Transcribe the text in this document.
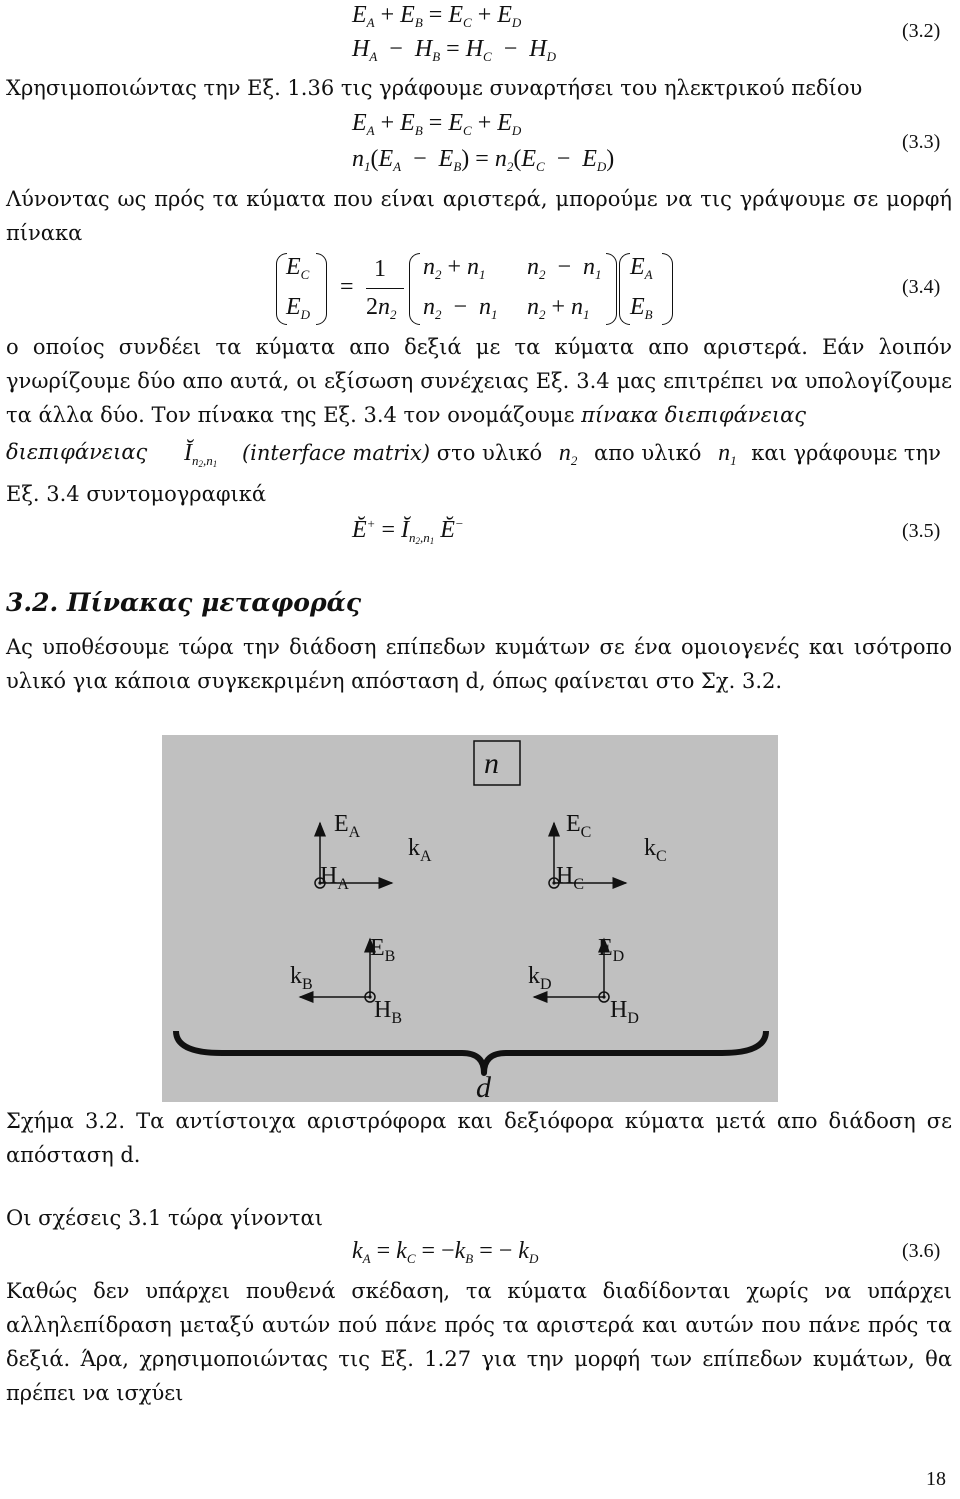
$E_A + E_B = E_C + E_D$
$H_A - H_B = H_C - H_D$
(3.2)
Χρησιμοποιώντας την Εξ. 1.36 τις γράφουμε συναρτήσει του ηλεκτρικού πεδίου
$E_A + E_B = E_C + E_D$
$n_1(E_A - E_B) = n_2(E_C - E_D)$
(3.3)
Λύνοντας ως πρός τα κύματα που είναι αριστερά, μπορούμε να τις γράψουμε σε μορφή πίνακα
$E_C$
$E_D$
=
1
$2n_2$
$n_2 + n_1$ $n_2 - n_1$
$n_2 - n_1$ $n_2 + n_1$
$E_A$
$E_B$
(3.4)
ο οποίος συνδέει τα κύματα απο δεξιά με τα κύματα απο αριστερά. Εάν λοιπόν γνωρίζουμε δύο απο αυτά, οι εξίσωση συνέχειας Εξ. 3.4 μας επιτρέπει να υπολογίζουμε τα άλλα δύο. Τον πίνακα της Εξ. 3.4 τον ονομάζουμε πίνακα διεπιφάνειας
$Ĭ_{n_2,n_1}$ (interface matrix) στο υλικό $n_2$ απο υλικό $n_1$ και γράφουμε την
διεπιφάνειας
Εξ. 3.4 συντομογραφικά
Ĕ+ = $Ĭ_{n_2,n_1}$ Ĕ−	(3.5)
3.2. Πίνακας μεταφοράς
Ας υποθέσουμε τώρα την διάδοση επίπεδων κυμάτων σε ένα ομοιογενές και ισότροπο υλικό για κάποια συγκεκριμένη απόσταση d, όπως φαίνεται στο Σχ. 3.2.
n
$E_A$
$H_A$
$k_A$
$E_C$
$H_C$
$k_C$
$E_B$
$H_B$
$k_B$
$E_D$
$H_D$
$k_D$
d
Σχήμα 3.2. Τα αντίστοιχα αριστρόφορα και δεξιόφορα κύματα μετά απο διάδοση σε απόσταση d.
Οι σχέσεις 3.1 τώρα γίνονται
$k_A = k_C = -k_B$ = − $k_D$	(3.6)
Καθώς δεν υπάρχει πουθενά σκέδαση, τα κύματα διαδίδονται χωρίς να υπάρχει αλληλεπίδραση μεταξύ αυτών πού πάνε πρός τα αριστερά και αυτών που πάνε πρός τα δεξιά. Άρα, χρησιμοποιώντας τις Εξ. 1.27 για την μορφή των επίπεδων κυμάτων, θα πρέπει να ισχύει
18
